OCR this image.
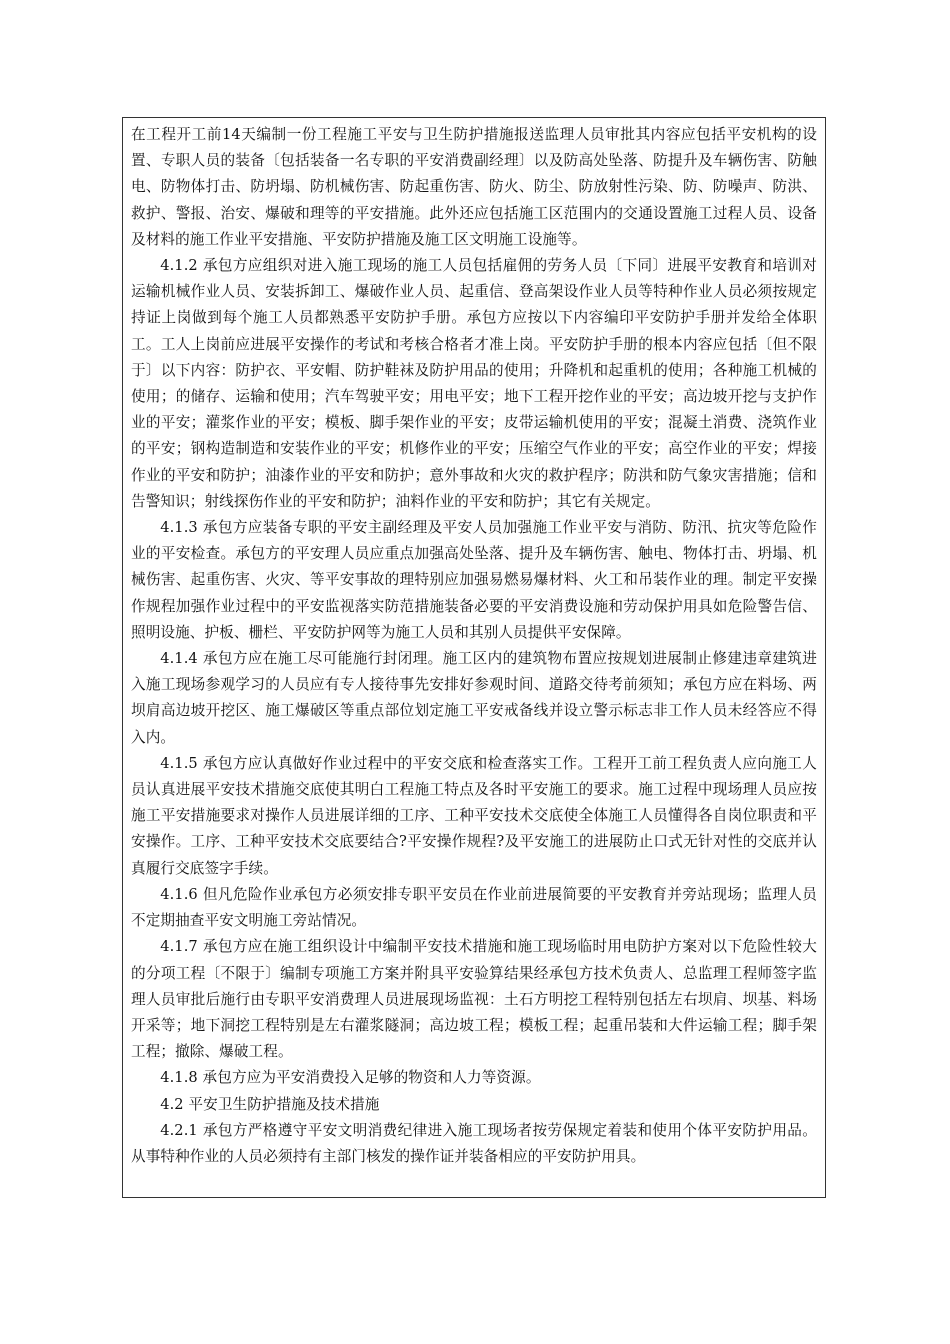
在工程开工前14天编制一份工程施工平安与卫生防护措施报送监理人员审批其内容应包括平安机构的设置、专职人员的装备〔包括装备一名专职的平安消费副经理〕以及防高处坠落、防提升及车辆伤害、防触电、防物体打击、防坍塌、防机械伤害、防起重伤害、防火、防尘、防放射性污染、防、防噪声、防洪、救护、警报、治安、爆破和理等的平安措施。此外还应包括施工区范围内的交通设置施工过程人员、设备及材料的施工作业平安措施、平安防护措施及施工区文明施工设施等。

4.1.2 承包方应组织对进入施工现场的施工人员包括雇佣的劳务人员〔下同〕进展平安教育和培训对运输机械作业人员、安装拆卸工、爆破作业人员、起重信、登高架设作业人员等特种作业人员必须按规定持证上岗做到每个施工人员都熟悉平安防护手册。承包方应按以下内容编印平安防护手册并发给全体职工。工人上岗前应进展平安操作的考试和考核合格者才准上岗。平安防护手册的根本内容应包括〔但不限于〕以下内容：防护衣、平安帽、防护鞋袜及防护用品的使用；升降机和起重机的使用；各种施工机械的使用；的储存、运输和使用；汽车驾驶平安；用电平安；地下工程开挖作业的平安；高边坡开挖与支护作业的平安；灌浆作业的平安；模板、脚手架作业的平安；皮带运输机使用的平安；混凝土消费、浇筑作业的平安；钢构造制造和安装作业的平安；机修作业的平安；压缩空气作业的平安；高空作业的平安；焊接作业的平安和防护；油漆作业的平安和防护；意外事故和火灾的救护程序；防洪和防气象灾害措施；信和告警知识；射线探伤作业的平安和防护；油料作业的平安和防护；其它有关规定。

4.1.3 承包方应装备专职的平安主副经理及平安人员加强施工作业平安与消防、防汛、抗灾等危险作业的平安检查。承包方的平安理人员应重点加强高处坠落、提升及车辆伤害、触电、物体打击、坍塌、机械伤害、起重伤害、火灾、等平安事故的理特别应加强易燃易爆材料、火工和吊装作业的理。制定平安操作规程加强作业过程中的平安监视落实防范措施装备必要的平安消费设施和劳动保护用具如危险警告信、照明设施、护板、栅栏、平安防护网等为施工人员和其别人员提供平安保障。

4.1.4 承包方应在施工尽可能施行封闭理。施工区内的建筑物布置应按规划进展制止修建违章建筑进入施工现场参观学习的人员应有专人接待事先安排好参观时间、道路交待考前须知；承包方应在料场、两坝肩高边坡开挖区、施工爆破区等重点部位划定施工平安戒备线并设立警示标志非工作人员未经答应不得入内。

4.1.5 承包方应认真做好作业过程中的平安交底和检查落实工作。工程开工前工程负责人应向施工人员认真进展平安技术措施交底使其明白工程施工特点及各时平安施工的要求。施工过程中现场理人员应按施工平安措施要求对操作人员进展详细的工序、工种平安技术交底使全体施工人员懂得各自岗位职责和平安操作。工序、工种平安技术交底要结合?平安操作规程?及平安施工的进展防止口式无针对性的交底并认真履行交底签字手续。

4.1.6 但凡危险作业承包方必须安排专职平安员在作业前进展简要的平安教育并旁站现场；监理人员不定期抽查平安文明施工旁站情况。

4.1.7 承包方应在施工组织设计中编制平安技术措施和施工现场临时用电防护方案对以下危险性较大的分项工程〔不限于〕编制专项施工方案并附具平安验算结果经承包方技术负责人、总监理工程师签字监理人员审批后施行由专职平安消费理人员进展现场监视：土石方明挖工程特别包括左右坝肩、坝基、料场开采等；地下洞挖工程特别是左右灌浆隧洞；高边坡工程；模板工程；起重吊装和大件运输工程；脚手架工程；撤除、爆破工程。

4.1.8 承包方应为平安消费投入足够的物资和人力等资源。

4.2 平安卫生防护措施及技术措施

4.2.1 承包方严格遵守平安文明消费纪律进入施工现场者按劳保规定着装和使用个体平安防护用品。从事特种作业的人员必须持有主部门核发的操作证并装备相应的平安防护用具。
